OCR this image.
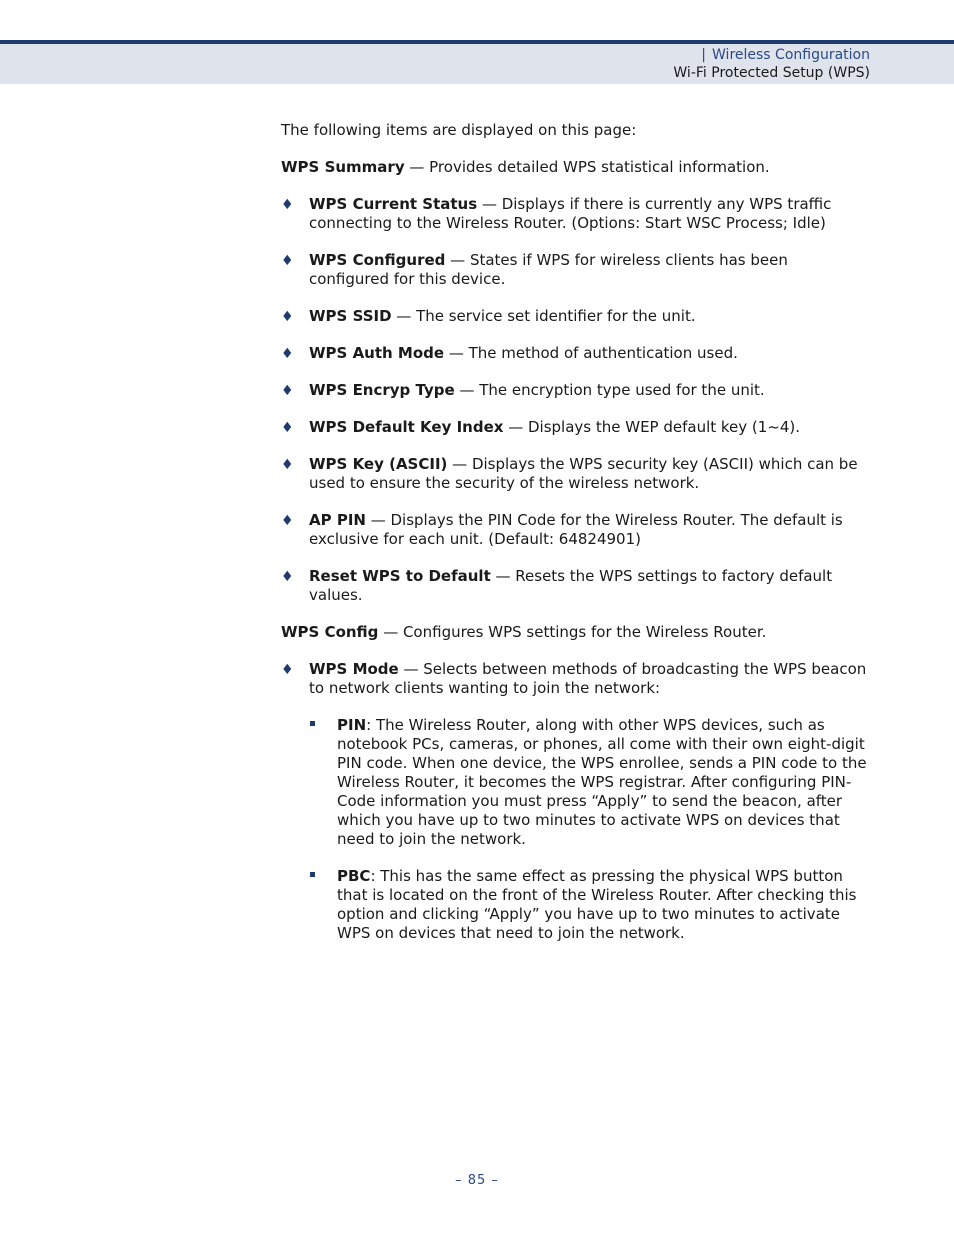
| Wireless Configuration
Wi-Fi Protected Setup (WPS)

The following items are displayed on this page:

WPS Summary — Provides detailed WPS statistical information.

♦ WPS Current Status — Displays if there is currently any WPS traffic connecting to the Wireless Router. (Options: Start WSC Process; Idle)
♦ WPS Configured — States if WPS for wireless clients has been configured for this device.
♦ WPS SSID — The service set identifier for the unit.
♦ WPS Auth Mode — The method of authentication used.
♦ WPS Encryp Type — The encryption type used for the unit.
♦ WPS Default Key Index — Displays the WEP default key (1~4).
♦ WPS Key (ASCII) — Displays the WPS security key (ASCII) which can be used to ensure the security of the wireless network.
♦ AP PIN — Displays the PIN Code for the Wireless Router. The default is exclusive for each unit. (Default: 64824901)
♦ Reset WPS to Default — Resets the WPS settings to factory default values.

WPS Config — Configures WPS settings for the Wireless Router.

♦ WPS Mode — Selects between methods of broadcasting the WPS beacon to network clients wanting to join the network:
PIN: The Wireless Router, along with other WPS devices, such as notebook PCs, cameras, or phones, all come with their own eight-digit PIN code. When one device, the WPS enrollee, sends a PIN code to the Wireless Router, it becomes the WPS registrar. After configuring PIN-Code information you must press “Apply” to send the beacon, after which you have up to two minutes to activate WPS on devices that need to join the network.
PBC: This has the same effect as pressing the physical WPS button that is located on the front of the Wireless Router. After checking this option and clicking “Apply” you have up to two minutes to activate WPS on devices that need to join the network.
– 85 –
